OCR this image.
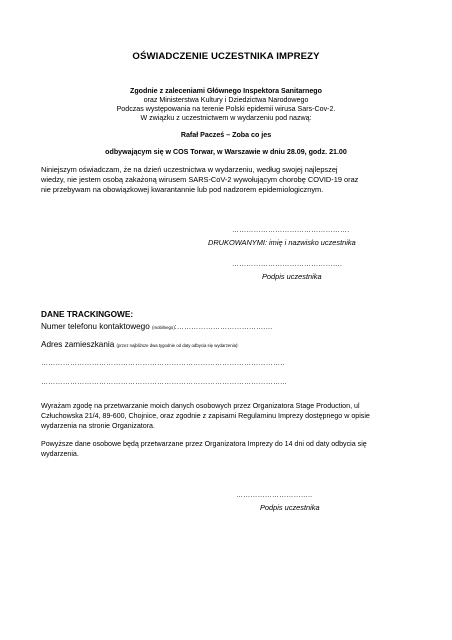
OŚWIADCZENIE UCZESTNIKA IMPREZY
Zgodnie z zaleceniami Głównego Inspektora Sanitarnego
oraz Ministerstwa Kultury i Dziedzictwa Narodowego
Podczas występowania na terenie Polski epidemii wirusa Sars-Cov-2.
W związku z uczestnictwem w wydarzeniu pod nazwą:
Rafał Pacześ – Zoba co jes
odbywającym się w COS Torwar, w Warszawie w dniu 28.09, godz. 21.00
Niniejszym oświadczam, że na dzień uczestnictwa w wydarzeniu, według swojej najlepszej
wiedzy, nie jestem osobą zakażoną wirusem SARS-CoV-2 wywołującym chorobę COVID-19 oraz
nie przebywam na obowiązkowej kwarantannie lub pod nadzorem epidemiologicznym.
………………………………………….
DRUKOWANYMI: imię i nazwisko uczestnika
……………………………………….
Podpis uczestnika
DANE TRACKINGOWE:
Numer telefonu kontaktowego (mobilnego):……………………………….…
Adres zamieszkania (przez najbliższe dwa tygodnie od daty odbycia się wydarzenia):
………………………………………………………………………………………..
………………………………………………………………………………………...
Wyrażam zgodę na przetwarzanie moich danych osobowych przez Organizatora Stage Production, ul
Człuchowska 21/4, 89-600, Chojnice, oraz zgodnie z zapisami Regulaminu Imprezy dostępnego w opisie
wydarzenia na stronie Organizatora.
Powyższe dane osobowe będą przetwarzane przez Organizatora Imprezy do 14 dni od daty odbycia się
wydarzenia.
…………………………..
Podpis uczestnika
